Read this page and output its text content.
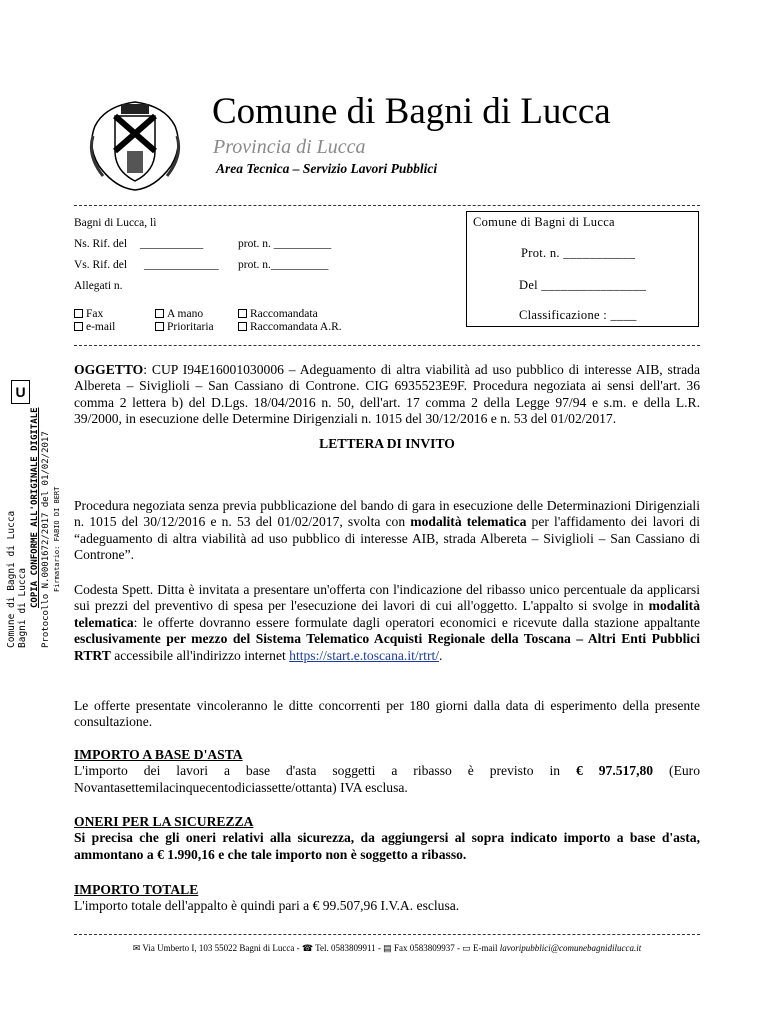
Comune di Bagni di Lucca
Provincia di Lucca
Area Tecnica – Servizio Lavori Pubblici
Bagni di Lucca, lì
Ns. Rif. del ___________	prot. n. __________
Vs. Rif. del _____________ prot. n.__________
Allegati n.
Fax
e-mail
A mano
Prioritaria
Raccomandata
Raccomandata A.R.
Comune di Bagni di Lucca
Prot. n. ___________
Del ________________
Classificazione : ____
U
Comune di Bagni di Lucca Bagni di Lucca COPIA CONFORME ALL'ORIGINALE DIGITALE Protocollo N.0001672/2017 del 01/02/2017 Firmatario: FABIO DI BERT
OGGETTO: CUP I94E16001030006 – Adeguamento di altra viabilità ad uso pubblico di interesse AIB, strada Albereta – Siviglioli – San Cassiano di Controne. CIG 6935523E9F. Procedura negoziata ai sensi dell'art. 36 comma 2 lettera b) del D.Lgs. 18/04/2016 n. 50, dell'art. 17 comma 2 della Legge 97/94 e s.m. e della L.R. 39/2000, in esecuzione delle Determine Dirigenziali n. 1015 del 30/12/2016 e n. 53 del 01/02/2017.
LETTERA DI INVITO
Procedura negoziata senza previa pubblicazione del bando di gara in esecuzione delle Determinazioni Dirigenziali n. 1015 del 30/12/2016 e n. 53 del 01/02/2017, svolta con modalità telematica per l'affidamento dei lavori di “adeguamento di altra viabilità ad uso pubblico di interesse AIB, strada Albereta – Siviglioli – San Cassiano di Controne”.
Codesta Spett. Ditta è invitata a presentare un'offerta con l'indicazione del ribasso unico percentuale da applicarsi sui prezzi del preventivo di spesa per l'esecuzione dei lavori di cui all'oggetto. L'appalto si svolge in modalità telematica: le offerte dovranno essere formulate dagli operatori economici e ricevute dalla stazione appaltante esclusivamente per mezzo del Sistema Telematico Acquisti Regionale della Toscana – Altri Enti Pubblici RTRT accessibile all'indirizzo internet https://start.e.toscana.it/rtrt/.
Le offerte presentate vincoleranno le ditte concorrenti per 180 giorni dalla data di esperimento della presente consultazione.
IMPORTO A BASE D'ASTA
L'importo dei lavori a base d'asta soggetti a ribasso è previsto in € 97.517,80 (Euro Novantasettemilacinquecentodiciassette/ottanta) IVA esclusa.
ONERI PER LA SICUREZZA
Si precisa che gli oneri relativi alla sicurezza, da aggiungersi al sopra indicato importo a base d'asta, ammontano a € 1.990,16 e che tale importo non è soggetto a ribasso.
IMPORTO TOTALE
L'importo totale dell'appalto è quindi pari a € 99.507,96 I.V.A. esclusa.
✉ Via Umberto I, 103 55022 Bagni di Lucca - ☎ Tel. 0583809911 - ▤ Fax 0583809937 - ▭ E-mail lavoripubblici@comunebagnidilucca.it
